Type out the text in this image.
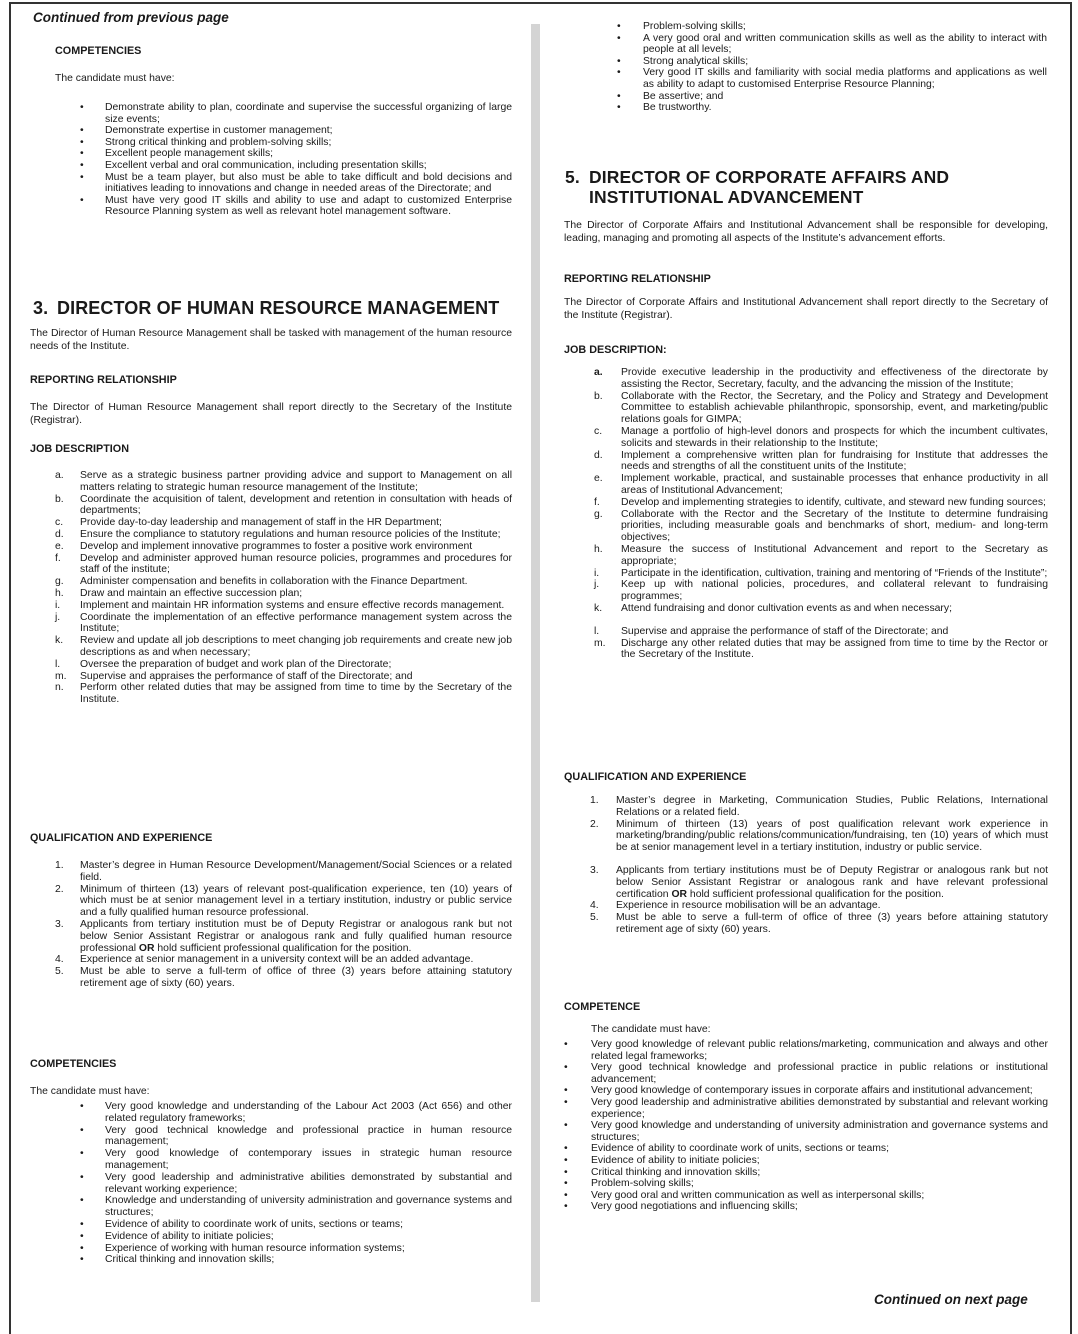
Continued from previous page
COMPETENCIES
The candidate must have:
• Demonstrate ability to plan, coordinate and supervise the successful organizing of large size events;
• Demonstrate expertise in customer management;
• Strong critical thinking and problem-solving skills;
• Excellent people management skills;
• Excellent verbal and oral communication, including presentation skills;
• Must be a team player, but also must be able to take difficult and bold decisions and initiatives leading to innovations and change in needed areas of the Directorate; and
• Must have very good IT skills and ability to use and adapt to customized Enterprise Resource Planning system as well as relevant hotel management software.
3. DIRECTOR OF HUMAN RESOURCE MANAGEMENT
The Director of Human Resource Management shall be tasked with management of the human resource needs of the Institute.
REPORTING RELATIONSHIP
The Director of Human Resource Management shall report directly to the Secretary of the Institute (Registrar).
JOB DESCRIPTION
a. Serve as a strategic business partner providing advice and support to Management on all matters relating to strategic human resource management of the Institute;
b. Coordinate the acquisition of talent, development and retention in consultation with heads of departments;
c. Provide day-to-day leadership and management of staff in the HR Department;
d. Ensure the compliance to statutory regulations and human resource policies of the Institute;
e. Develop and implement innovative programmes to foster a positive work environment
f. Develop and administer approved human resource policies, programmes and procedures for staff of the institute;
g. Administer compensation and benefits in collaboration with the Finance Department.
h. Draw and maintain an effective succession plan;
i. Implement and maintain HR information systems and ensure effective records management.
j. Coordinate the implementation of an effective performance management system across the Institute;
k. Review and update all job descriptions to meet changing job requirements and create new job descriptions as and when necessary;
l. Oversee the preparation of budget and work plan of the Directorate;
m. Supervise and appraises the performance of staff of the Directorate; and
n. Perform other related duties that may be assigned from time to time by the Secretary of the Institute.
QUALIFICATION AND EXPERIENCE
1. Master’s degree in Human Resource Development/Management/Social Sciences or a related field.
2. Minimum of thirteen (13) years of relevant post-qualification experience, ten (10) years of which must be at senior management level in a tertiary institution, industry or public service and a fully qualified human resource professional.
3. Applicants from tertiary institution must be of Deputy Registrar or analogous rank but not below Senior Assistant Registrar or analogous rank and fully qualified human resource professional OR hold sufficient professional qualification for the position.
4. Experience at senior management in a university context will be an added advantage.
5. Must be able to serve a full-term of office of three (3) years before attaining statutory retirement age of sixty (60) years.
COMPETENCIES
The candidate must have:
• Very good knowledge and understanding of the Labour Act 2003 (Act 656) and other related regulatory frameworks;
• Very good technical knowledge and professional practice in human resource management;
• Very good knowledge of contemporary issues in strategic human resource management;
• Very good leadership and administrative abilities demonstrated by substantial and relevant working experience;
• Knowledge and understanding of university administration and governance systems and structures;
• Evidence of ability to coordinate work of units, sections or teams;
• Evidence of ability to initiate policies;
• Experience of working with human resource information systems;
• Critical thinking and innovation skills;
• Problem-solving skills;
• A very good oral and written communication skills as well as the ability to interact with people at all levels;
• Strong analytical skills;
• Very good IT skills and familiarity with social media platforms and applications as well as ability to adapt to customised Enterprise Resource Planning;
• Be assertive; and
• Be trustworthy.
5. DIRECTOR OF CORPORATE AFFAIRS AND
INSTITUTIONAL ADVANCEMENT
The Director of Corporate Affairs and Institutional Advancement shall be responsible for developing, leading, managing and promoting all aspects of the Institute’s advancement efforts.
REPORTING RELATIONSHIP
The Director of Corporate Affairs and Institutional Advancement shall report directly to the Secretary of the Institute (Registrar).
JOB DESCRIPTION:
a. Provide executive leadership in the productivity and effectiveness of the directorate by assisting the Rector, Secretary, faculty, and the advancing the mission of the Institute;
b. Collaborate with the Rector, the Secretary, and the Policy and Strategy and Development Committee to establish achievable philanthropic, sponsorship, event, and marketing/public relations goals for GIMPA;
c. Manage a portfolio of high-level donors and prospects for which the incumbent cultivates, solicits and stewards in their relationship to the Institute;
d. Implement a comprehensive written plan for fundraising for Institute that addresses the needs and strengths of all the constituent units of the Institute;
e. Implement workable, practical, and sustainable processes that enhance productivity in all areas of Institutional Advancement;
f. Develop and implementing strategies to identify, cultivate, and steward new funding sources;
g. Collaborate with the Rector and the Secretary of the Institute to determine fundraising priorities, including measurable goals and benchmarks of short, medium- and long-term objectives;
h. Measure the success of Institutional Advancement and report to the Secretary as appropriate;
i. Participate in the identification, cultivation, training and mentoring of “Friends of the Institute”;
j. Keep up with national policies, procedures, and collateral relevant to fundraising programmes;
k. Attend fundraising and donor cultivation events as and when necessary;
l. Supervise and appraise the performance of staff of the Directorate; and
m. Discharge any other related duties that may be assigned from time to time by the Rector or the Secretary of the Institute.
QUALIFICATION AND EXPERIENCE
1. Master’s degree in Marketing, Communication Studies, Public Relations, International Relations or a related field.
2. Minimum of thirteen (13) years of post qualification relevant work experience in marketing/branding/public relations/communication/fundraising, ten (10) years of which must be at senior management level in a tertiary institution, industry or public service.
3. Applicants from tertiary institutions must be of Deputy Registrar or analogous rank but not below Senior Assistant Registrar or analogous rank and have relevant professional certification OR hold sufficient professional qualification for the position.
4. Experience in resource mobilisation will be an advantage.
5. Must be able to serve a full-term of office of three (3) years before attaining statutory retirement age of sixty (60) years.
COMPETENCE
The candidate must have:
• Very good knowledge of relevant public relations/marketing, communication and always and other related legal frameworks;
• Very good technical knowledge and professional practice in public relations or institutional advancement;
• Very good knowledge of contemporary issues in corporate affairs and institutional advancement;
• Very good leadership and administrative abilities demonstrated by substantial and relevant working experience;
• Very good knowledge and understanding of university administration and governance systems and structures;
• Evidence of ability to coordinate work of units, sections or teams;
• Evidence of ability to initiate policies;
• Critical thinking and innovation skills;
• Problem-solving skills;
• Very good oral and written communication as well as interpersonal skills;
• Very good negotiations and influencing skills;
Continued on next page
